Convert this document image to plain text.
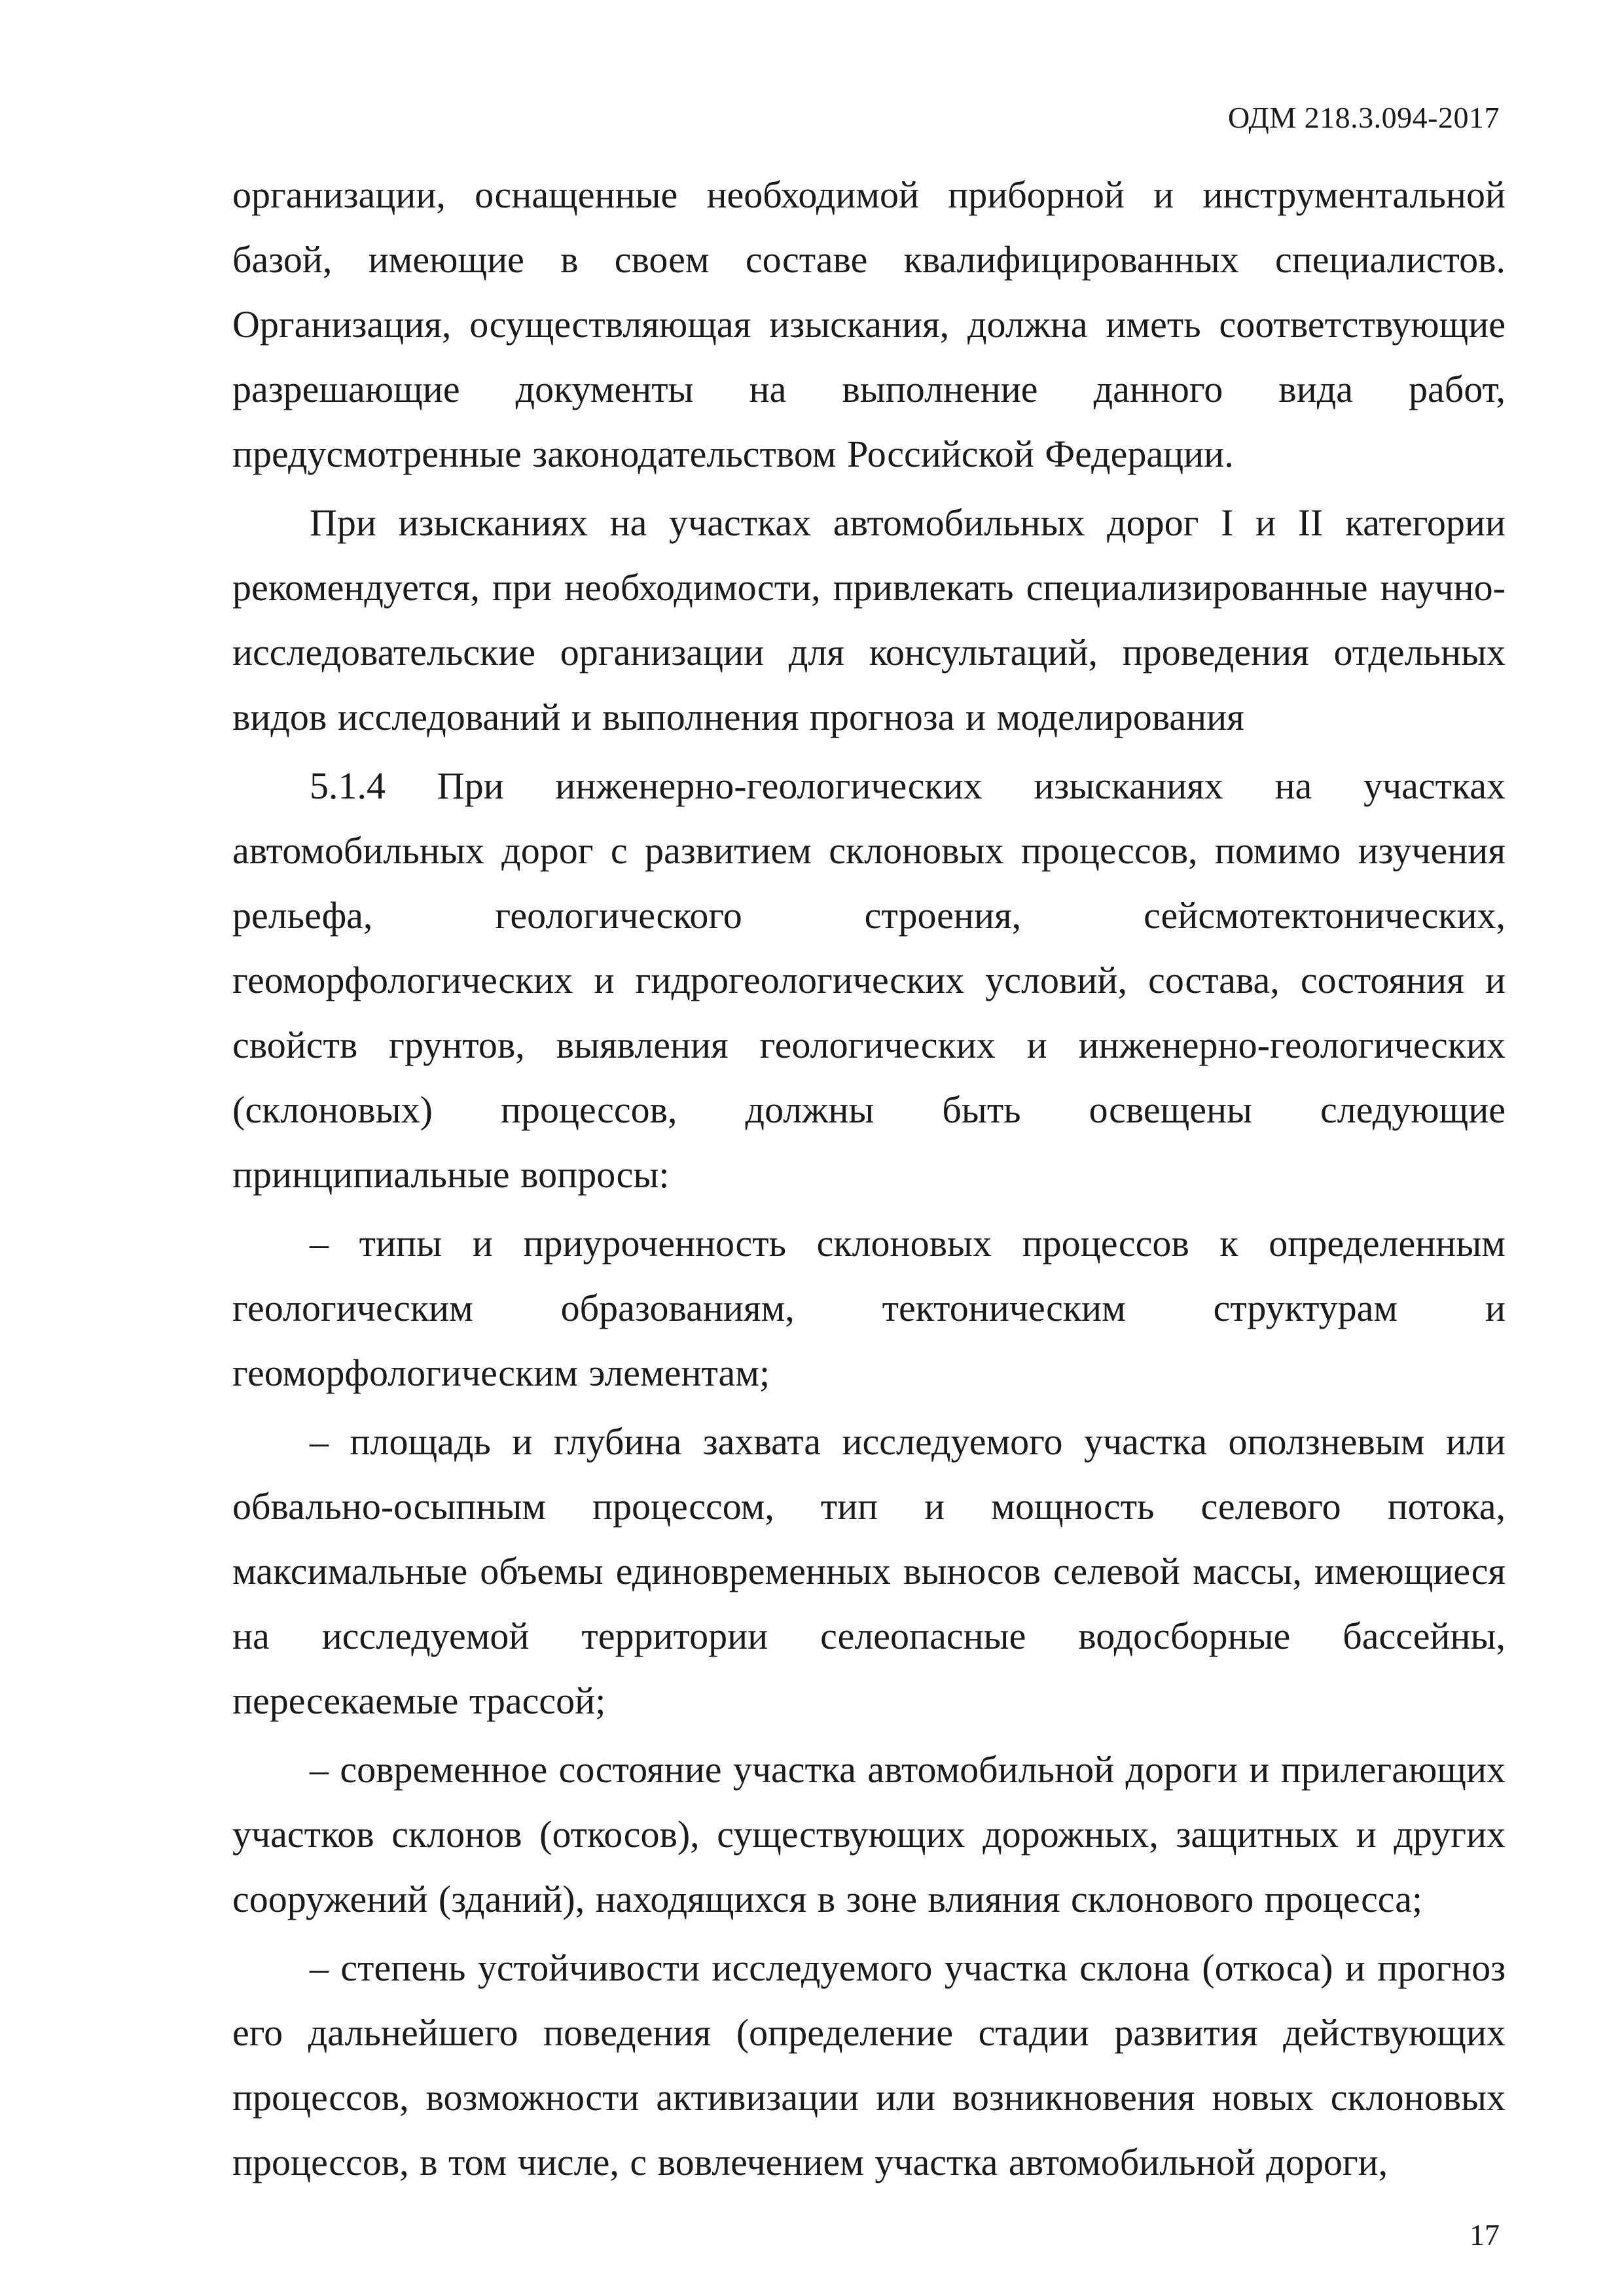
ОДМ 218.3.094-2017

организации, оснащенные необходимой приборной и инструментальной базой, имеющие в своем составе квалифицированных специалистов. Организация, осуществляющая изыскания, должна иметь соответствующие разрешающие документы на выполнение данного вида работ, предусмотренные законодательством Российской Федерации.

При изысканиях на участках автомобильных дорог I и II категории рекомендуется, при необходимости, привлекать специализированные научно-исследовательские организации для консультаций, проведения отдельных видов исследований и выполнения прогноза и моделирования

5.1.4 При инженерно-геологических изысканиях на участках автомобильных дорог с развитием склоновых процессов, помимо изучения рельефа, геологического строения, сейсмотектонических, геоморфологических и гидрогеологических условий, состава, состояния и свойств грунтов, выявления геологических и инженерно-геологических (склоновых) процессов, должны быть освещены следующие принципиальные вопросы:

– типы и приуроченность склоновых процессов к определенным геологическим образованиям, тектоническим структурам и геоморфологическим элементам;

– площадь и глубина захвата исследуемого участка оползневым или обвально-осыпным процессом, тип и мощность селевого потока, максимальные объемы единовременных выносов селевой массы, имеющиеся на исследуемой территории селеопасные водосборные бассейны, пересекаемые трассой;

– современное состояние участка автомобильной дороги и прилегающих участков склонов (откосов), существующих дорожных, защитных и других сооружений (зданий), находящихся в зоне влияния склонового процесса;

– степень устойчивости исследуемого участка склона (откоса) и прогноз его дальнейшего поведения (определение стадии развития действующих процессов, возможности активизации или возникновения новых склоновых процессов, в том числе, с вовлечением участка автомобильной дороги,

17
